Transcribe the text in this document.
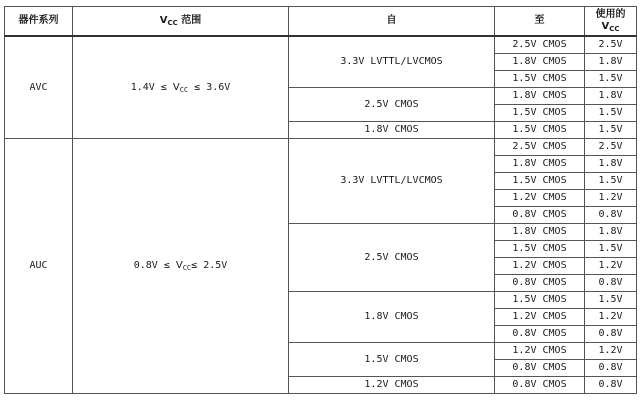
器件系列	$V_{CC}$ 范围	自	至	使用的
$V_{CC}$

AVC	$1.4V \le V_{CC} \le 3.6V$	3.3V LVTTL/LVCMOS	2.5V CMOS	2.5V
			1.8V CMOS	1.8V
			1.5V CMOS	1.5V
		2.5V CMOS	1.8V CMOS	1.8V
			1.5V CMOS	1.5V
		1.8V CMOS	1.5V CMOS	1.5V
AUC	$0.8V \le V_{CC}\le 2.5V$	3.3V LVTTL/LVCMOS	2.5V CMOS	2.5V
			1.8V CMOS	1.8V
			1.5V CMOS	1.5V
			1.2V CMOS	1.2V
			0.8V CMOS	0.8V
		2.5V CMOS	1.8V CMOS	1.8V
			1.5V CMOS	1.5V
			1.2V CMOS	1.2V
			0.8V CMOS	0.8V
		1.8V CMOS	1.5V CMOS	1.5V
			1.2V CMOS	1.2V
			0.8V CMOS	0.8V
		1.5V CMOS	1.2V CMOS	1.2V
			0.8V CMOS	0.8V
		1.2V CMOS	0.8V CMOS	0.8V
